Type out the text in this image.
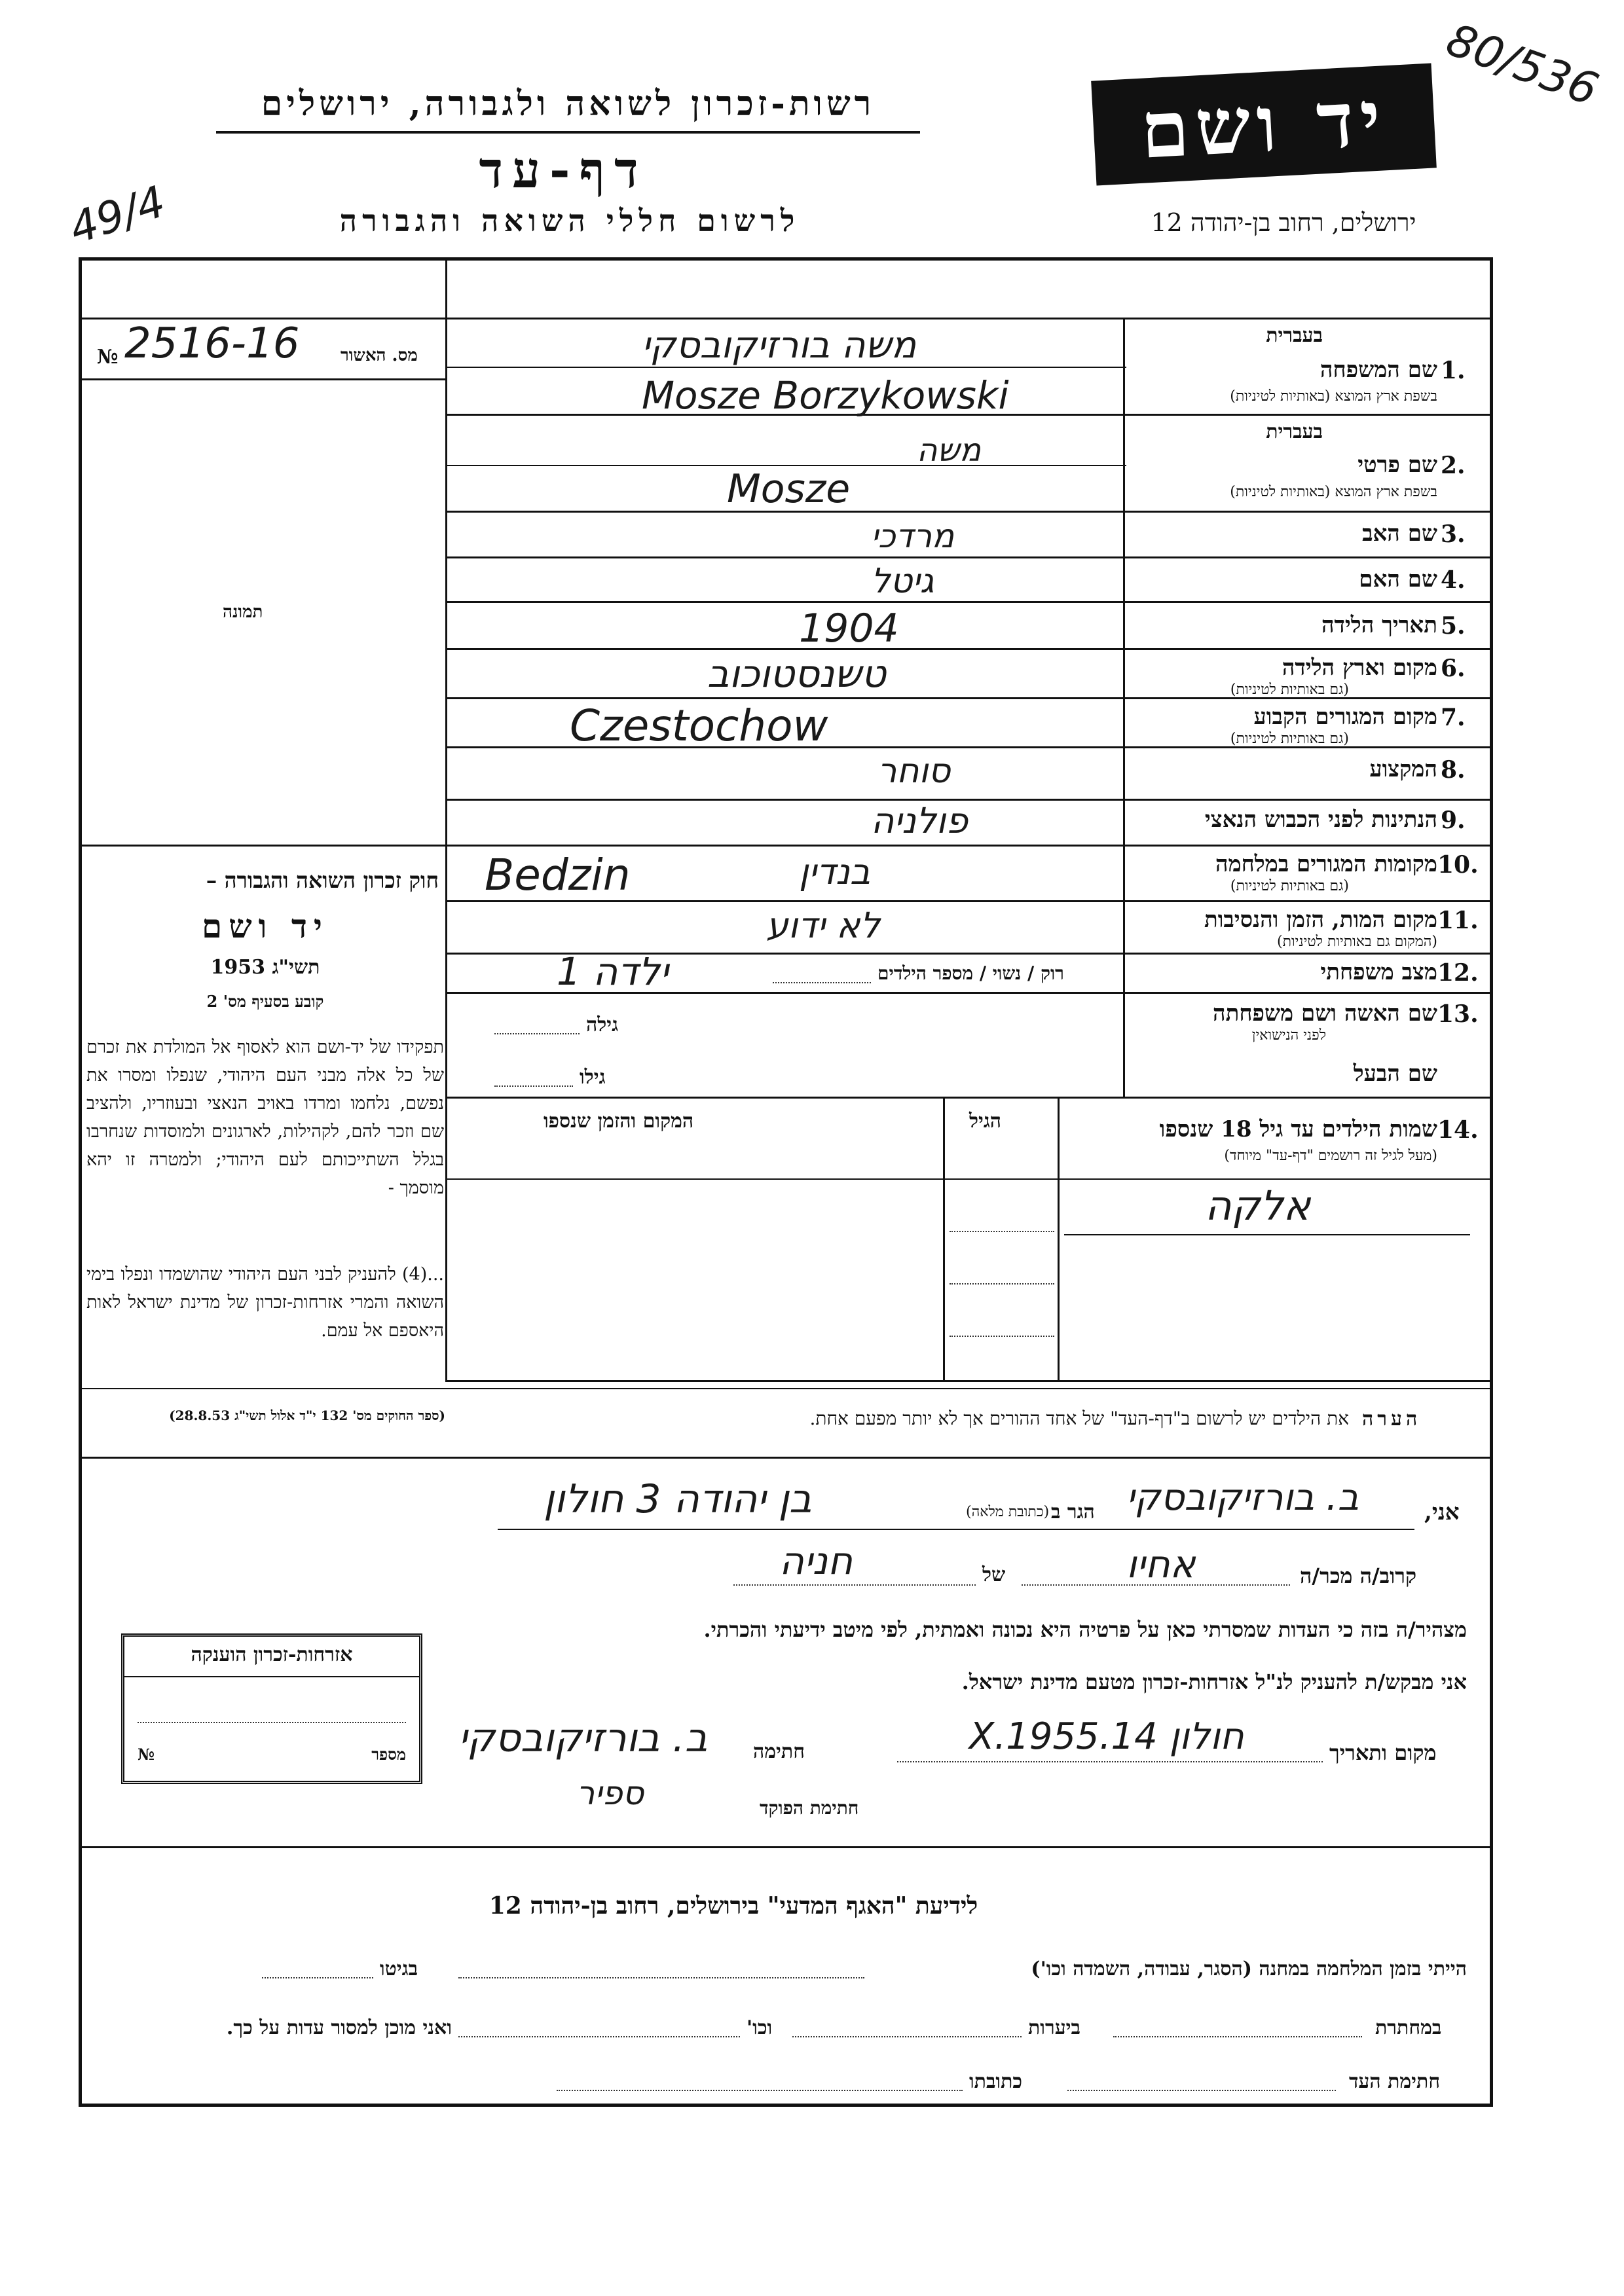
80/536
יד ושם
רשות-זכרון לשואה ולגבורה, ירושלים
דף-עד
49/4	לרשום חללי השואה והגבורה	ירושלים, רחוב בן-יהודה 12
№ 2516-16 מס. האשור
תמונה
חוק זכרון השואה והגבורה –
יד ושם
תשי"ג 1953
קובע בסעיף מס' 2
תפקידו של יד-ושם הוא לאסוף אל המולדת את זכרם של כל אלה מבני העם היהודי, שנפלו ומסרו את נפשם, נלחמו ומרדו באויב הנאצי ובעוזריו, ולהציב שם וזכר להם, לקהילות, לארגונים ולמוסדות שנחרבו בגלל השתייכותם לעם היהודי; ולמטרה זו יהא מוסמך -
...(4) להעניק לבני העם היהודי שהושמדו ונפלו בימי השואה והמרי אזרחות-זכרון של מדינת ישראל לאות היאספם אל עמם.
(ספר החוקים מס' 132 י"ד אלול תשי"ג 28.8.53)
בעברית
1.
שם המשפחה
בשפת ארץ המוצא (באותיות לטיניות)
משה בורזיקובסקי
Mosze Borzykowski
בעברית
2.
שם פרטי
בשפת ארץ המוצא (באותיות לטיניות)
משה
Mosze
3.
שם האב
מרדכי
4.
שם האם
גיטל
5.
תאריך הלידה
1904
6.
מקום וארץ הלידה
(גם באותיות לטיניות)
טשנסטוכוב
7.
מקום המגורים הקבוע
(גם באותיות לטיניות)
Czestochow
8.
המקצוע
סוחר
9.
הנתינות לפני הכבוש הנאצי
פולניה
10.
מקומות המגורים במלחמה
(גם באותיות לטיניות)
Bedzin	בנדין
11.
מקום המות, הזמן והנסיבות
(המקום גם באותיות לטיניות)
לא ידוע
12.
מצב משפחתי
רוק / נשוי / מספר הילדים
ילדה 1
13.
שם האשה ושם משפחתה
לפני הנישואין
גילה
שם הבעל
גילו
14.
שמות הילדים עד גיל 18 שנספו
(מעל לגיל זה רושמים "דף-עד" מיוחד)
הגיל
המקום והזמן שנספו
אלקה
הערה
את הילדים יש לרשום ב"דף-העד" של אחד ההורים אך לא יותר מפעם אחת.
אני,
ב. בורזיקובסקי
הגר ב
(כתובת מלאה)
בן יהודה 3 חולון
קרוב/ה מכר/ה
אחיו
של
חניה
מצהיר/ה בזה כי העדות שמסרתי כאן על פרטיה היא נכונה ואמתית, לפי מיטב ידיעתי והכרתי.
אני מבקש/ת להעניק לנ"ל אזרחות-זכרון מטעם מדינת ישראל.
מקום ותאריך
חולון 14.X.1955
חתימה
ב. בורזיקובסקי
חתימת הפוקד
ספיר
אזרחות-זכרון הוענקה
מספר
№
לידיעת "האגף המדעי" בירושלים, רחוב בן-יהודה 12
הייתי בזמן המלחמה במחנה (הסגר, עבודה, השמדה וכו')
בגיטו
במחתרת
ביערות
וכו'
ואני מוכן למסור עדות על כך.
חתימת העד
כתובתו
